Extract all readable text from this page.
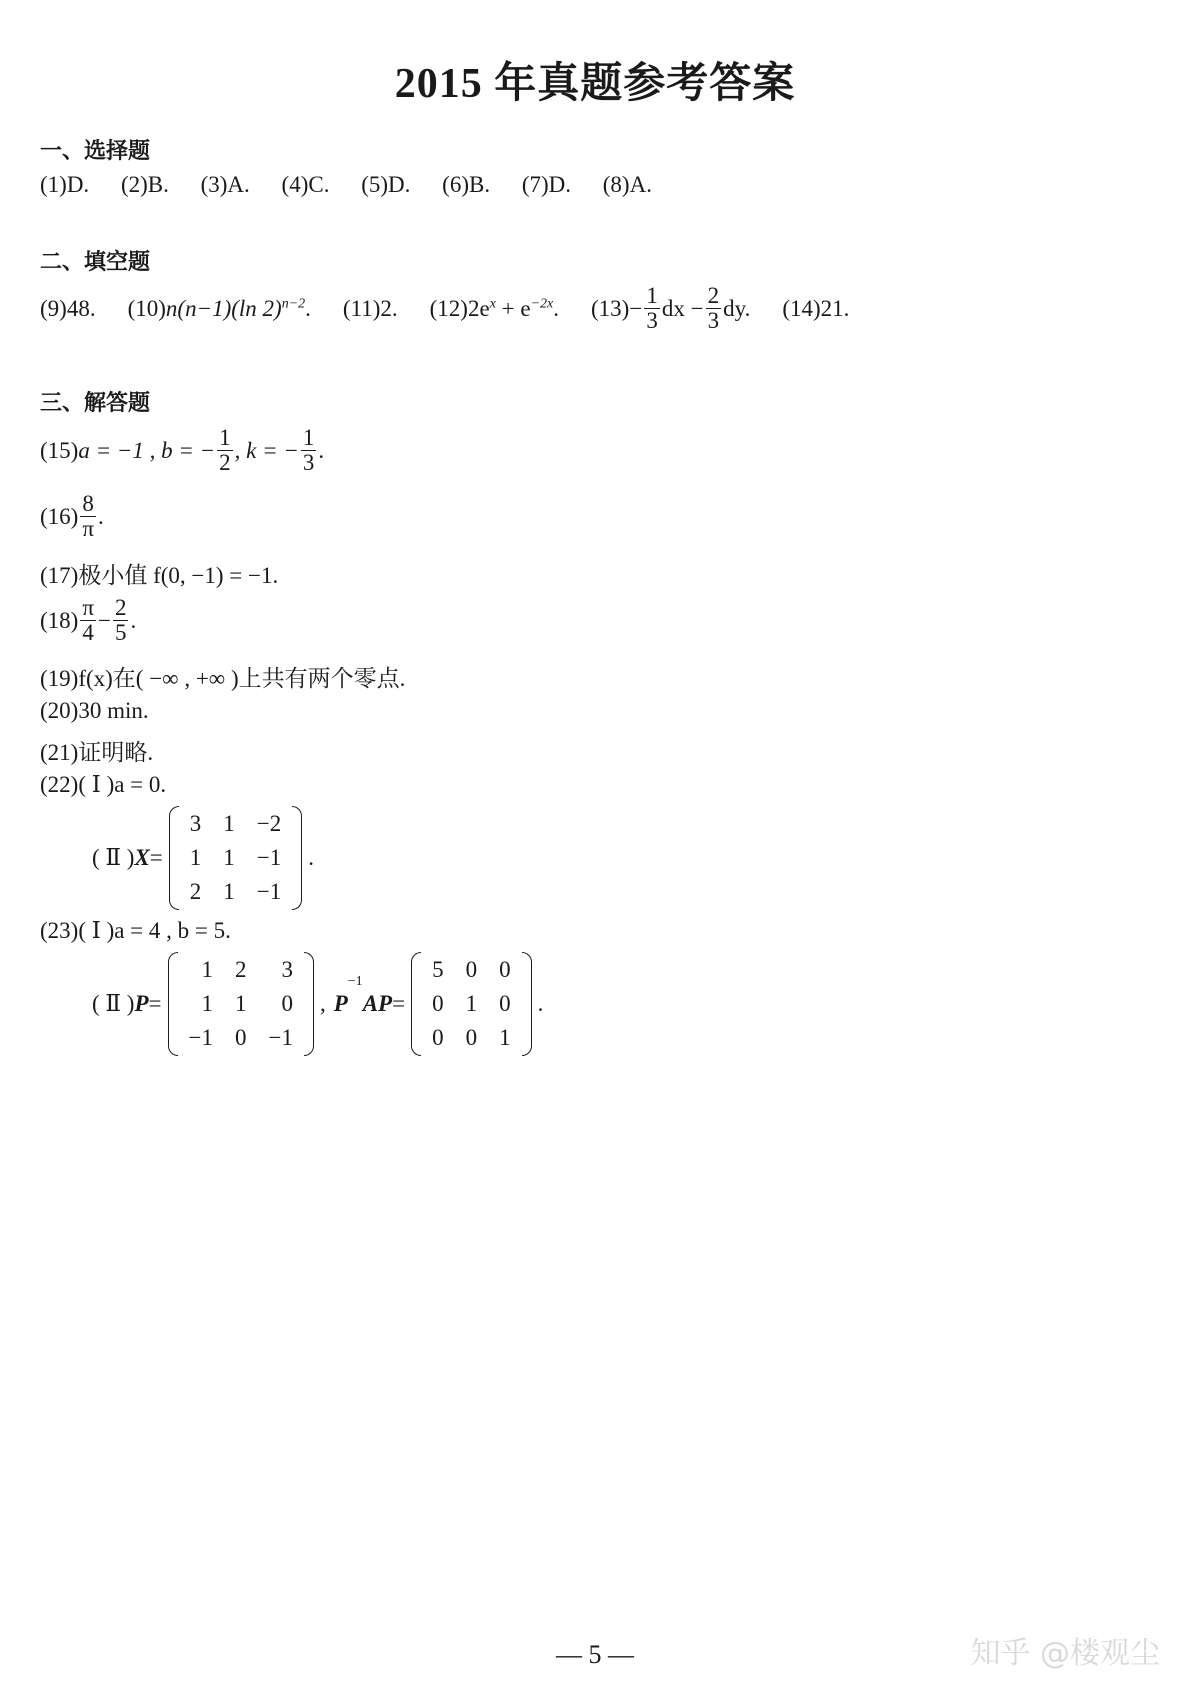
2015 年真题参考答案
一、选择题
(1)D. (2)B. (3)A. (4)C. (5)D. (6)B. (7)D. (8)A.
二、填空题
(9)48. (10)n(n−1)(ln 2)$^{n-2}$. (11)2. $(12)2e^x + e^{-2x}$. $(13) - \frac{1}{3}$ dx − $\frac{2}{3}$ dy. (14)21.
三、解答题
(15) a = −1 , b = − $\frac{1}{2}$ , k = − $\frac{1}{3}$ .
$(16) \frac{8}{\pi}$ .
(17)极小值 f(0, −1) = −1.
$(18) \frac{\pi}{4} - \frac{2}{5}$ .
(19)f(x)在( −∞ , +∞ )上共有两个零点.
(20)30 min.
(21)证明略.
(22)( Ⅰ )a = 0.
( Ⅱ ) X =
3	1	−2
1	1	−1
2	1	−1
.
(23)( Ⅰ )a = 4 , b = 5.
( Ⅱ ) P =
1	2	3
1	1	0
−1	0	−1
, P
−1
AP =
5	0	0
0	1	0
0	0	1
.
— 5 —	知乎 @楼观尘
